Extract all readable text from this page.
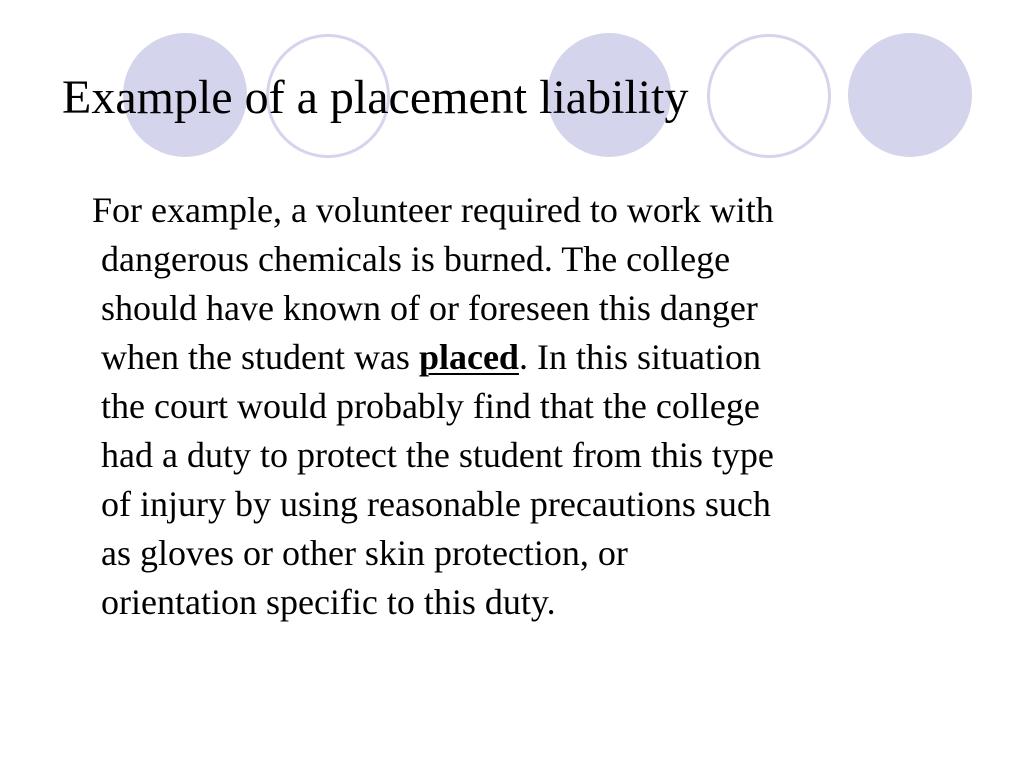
Example of a placement liability

For example, a volunteer required to work with
dangerous chemicals is burned. The college
should have known of or foreseen this danger
when the student was placed. In this situation
the court would probably find that the college
had a duty to protect the student from this type
of injury by using reasonable precautions such
as gloves or other skin protection, or
orientation specific to this duty.
